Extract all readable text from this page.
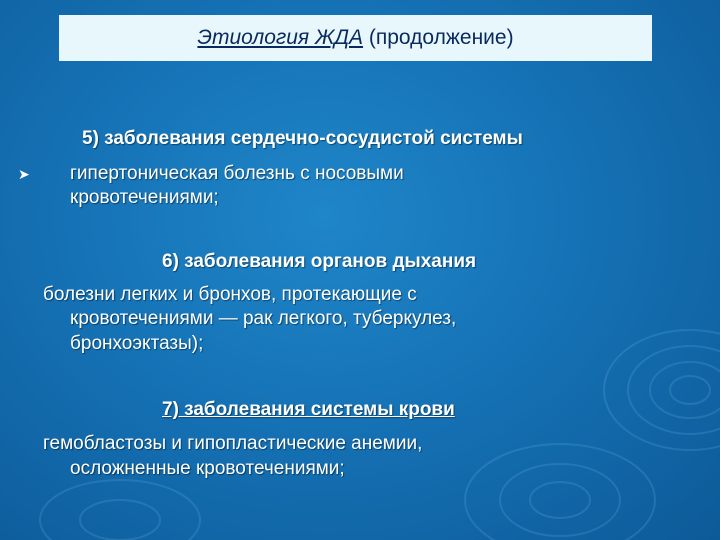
Этиология ЖДА (продолжение)
5) заболевания сердечно-сосудистой системы
➤ гипертоническая болезнь с носовыми
кровотечениями;
6) заболевания органов дыхания
болезни легких и бронхов, протекающие с
кровотечениями — рак легкого, туберкулез,
бронхоэктазы);
7) заболевания системы крови
гемобластозы и гипопластические анемии,
осложненные кровотечениями;
